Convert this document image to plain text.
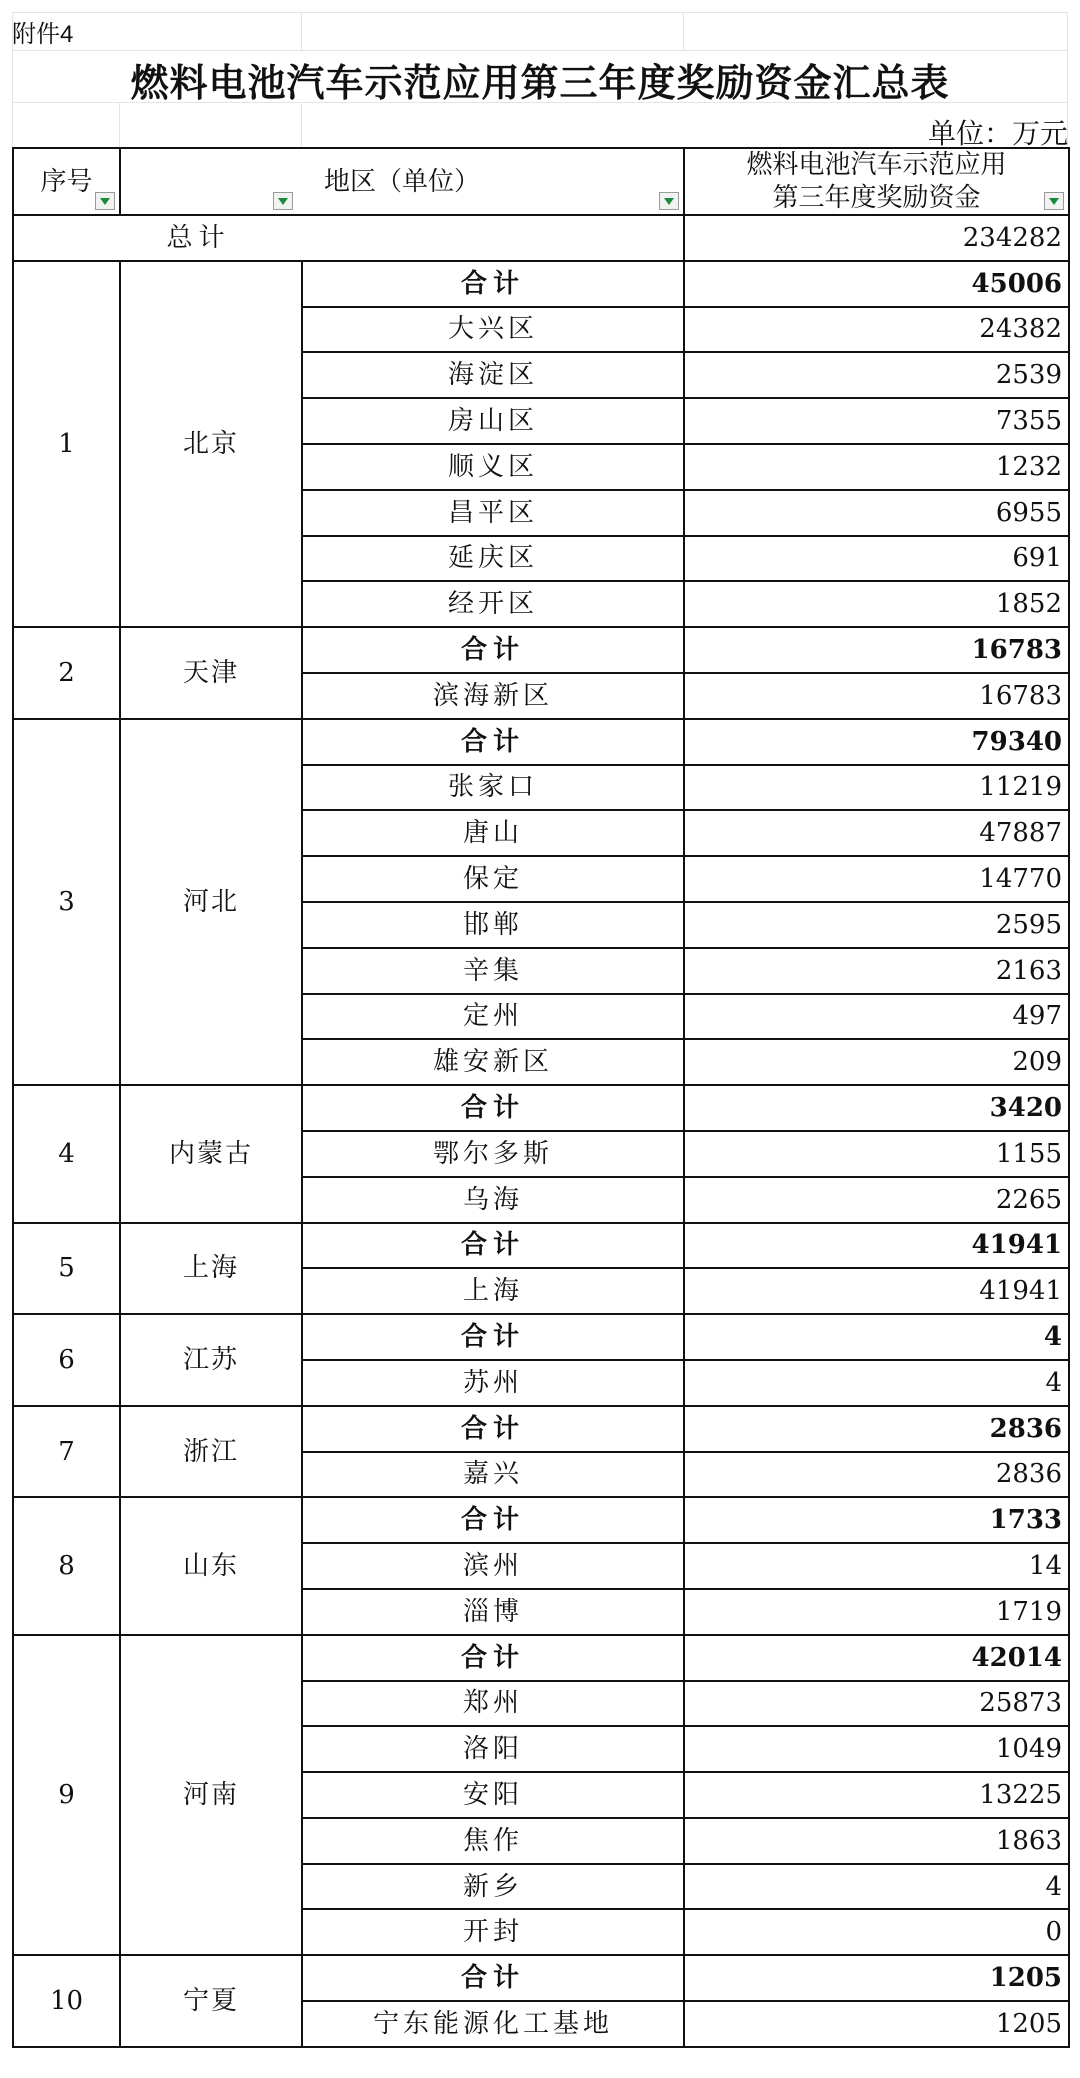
附件4
燃料电池汽车示范应用第三年度奖励资金汇总表
单位：万元
序号	地区（单位）		燃料电池汽车示范应用
第三年度奖励资金

总计			234282
1	北京	合计	45006
		大兴区	24382
		海淀区	2539
		房山区	7355
		顺义区	1232
		昌平区	6955
		延庆区	691
		经开区	1852
2	天津	合计	16783
		滨海新区	16783
3	河北	合计	79340
		张家口	11219
		唐山	47887
		保定	14770
		邯郸	2595
		辛集	2163
		定州	497
		雄安新区	209
4	内蒙古	合计	3420
		鄂尔多斯	1155
		乌海	2265
5	上海	合计	41941
		上海	41941
6	江苏	合计	4
		苏州	4
7	浙江	合计	2836
		嘉兴	2836
8	山东	合计	1733
		滨州	14
		淄博	1719
9	河南	合计	42014
		郑州	25873
		洛阳	1049
		安阳	13225
		焦作	1863
		新乡	4
		开封	0
10	宁夏	合计	1205
		宁东能源化工基地	1205
